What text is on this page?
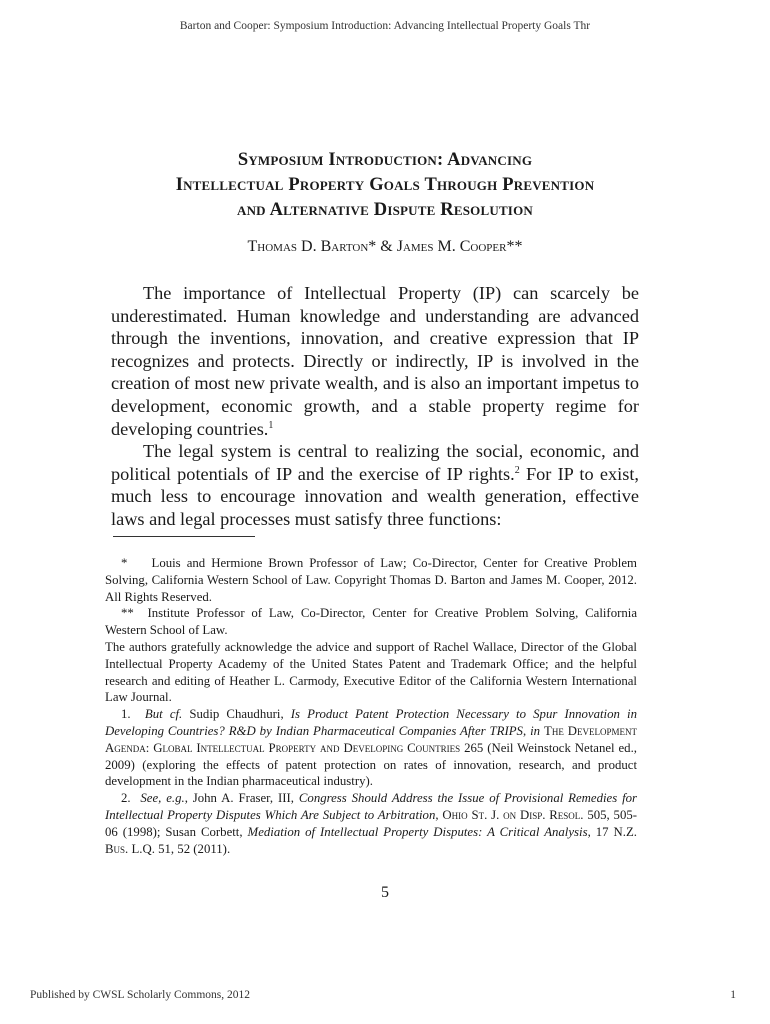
Barton and Cooper: Symposium Introduction: Advancing Intellectual Property Goals Thr
Symposium Introduction: Advancing
Intellectual Property Goals Through Prevention
and Alternative Dispute Resolution
Thomas D. Barton* & James M. Cooper**

The importance of Intellectual Property (IP) can scarcely be underestimated. Human knowledge and understanding are advanced through the inventions, innovation, and creative expression that IP recognizes and protects. Directly or indirectly, IP is involved in the creation of most new private wealth, and is also an important impetus to development, economic growth, and a stable property regime for developing countries.$^1$

The legal system is central to realizing the social, economic, and political potentials of IP and the exercise of IP rights.$^2$ For IP to exist, much less to encourage innovation and wealth generation, effective laws and legal processes must satisfy three functions:

* Louis and Hermione Brown Professor of Law; Co-Director, Center for Creative Problem Solving, California Western School of Law. Copyright Thomas D. Barton and James M. Cooper, 2012. All Rights Reserved.

** Institute Professor of Law, Co-Director, Center for Creative Problem Solving, California Western School of Law.

The authors gratefully acknowledge the advice and support of Rachel Wallace, Director of the Global Intellectual Property Academy of the United States Patent and Trademark Office; and the helpful research and editing of Heather L. Carmody, Executive Editor of the California Western International Law Journal.

1. But cf. Sudip Chaudhuri, Is Product Patent Protection Necessary to Spur Innovation in Developing Countries? R&D by Indian Pharmaceutical Companies After TRIPS, in The Development Agenda: Global Intellectual Property and Developing Countries 265 (Neil Weinstock Netanel ed., 2009) (exploring the effects of patent protection on rates of innovation, research, and product development in the Indian pharmaceutical industry).

2. See, e.g., John A. Fraser, III, Congress Should Address the Issue of Provisional Remedies for Intellectual Property Disputes Which Are Subject to Arbitration, Ohio St. J. on Disp. Resol. 505, 505-06 (1998); Susan Corbett, Mediation of Intellectual Property Disputes: A Critical Analysis, 17 N.Z. Bus. L.Q. 51, 52 (2011).

5
Published by CWSL Scholarly Commons, 2012	1
